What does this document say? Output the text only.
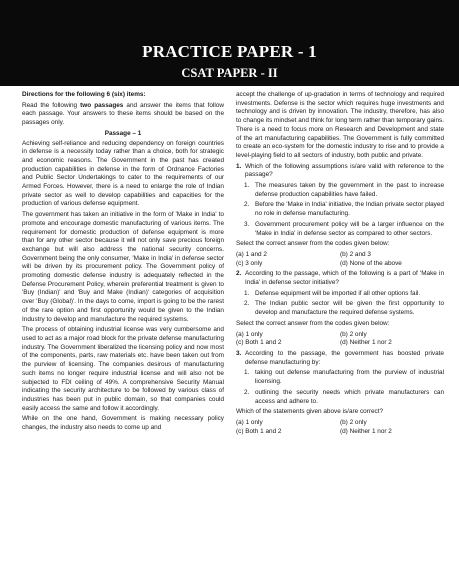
PRACTICE PAPER - 1
CSAT PAPER - II
Directions for the following 6 (six) items:

Read the following two passages and answer the items that follow each passage. Your answers to these items should be based on the passages only.

Passage – 1

Achieving self-reliance and reducing dependency on foreign countries in defense is a necessity today rather than a choice, both for strategic and economic reasons. The Government in the past has created production capabilities in defense in the form of Ordnance Factories and Public Sector Undertakings to cater to the requirements of our Armed Forces. However, there is a need to enlarge the role of Indian private sector as well to develop capabilities and capacities for the production of various defense equipment.

The government has taken an initiative in the form of 'Make in India' to promote and encourage domestic manufacturing of various items. The requirement for domestic production of defense equipment is more than for any other sector because it will not only save precious foreign exchange but will also address the national security concerns. Government being the only consumer, 'Make in India' in defense sector will be driven by its procurement policy. The Government policy of promoting domestic defense industry is adequately reflected in the Defense Procurement Policy, wherein preferential treatment is given to 'Buy (Indian)' and 'Buy and Make (Indian)' categories of acquisition over 'Buy (Global)'. In the days to come, import is going to be the rarest of the rare option and first opportunity would be given to the Indian Industry to develop and manufacture the required systems.

The process of obtaining industrial license was very cumbersome and used to act as a major road block for the private defense manufacturing industry. The Government liberalized the licensing policy and now most of the components, parts, raw materials etc. have been taken out from the purview of licensing. The companies desirous of manufacturing such items no longer require industrial license and will also not be subjected to FDI ceiling of 49%. A comprehensive Security Manual indicating the security architecture to be followed by various class of industries has been put in public domain, so that companies could easily access the same and follow it accordingly.

While on the one hand, Government is making necessary policy changes, the industry also needs to come up and

accept the challenge of up-gradation in terms of technology and required investments. Defense is the sector which requires huge investments and technology and is driven by innovation. The industry, therefore, has also to change its mindset and think for long term rather than temporary gains. There is a need to focus more on Research and Development and state of the art manufacturing capabilities. The Government is fully committed to create an eco-system for the domestic industry to rise and to provide a level-playing field to all sectors of industry, both public and private.

1. Which of the following assumptions is/are valid with reference to the passage?
1. The measures taken by the government in the past to increase defense production capabilities have failed.
2. Before the 'Make in India' initiative, the Indian private sector played no role in defense manufacturing.
3. Government procurement policy will be a larger influence on the 'Make in India' in defense sector as compared to other sectors.
Select the correct answer from the codes given below:
(a) 1 and 2	(b) 2 and 3
(c) 3 only	(d) None of the above
2. According to the passage, which of the following is a part of 'Make in India' in defense sector initiative?
1. Defense equipment will be imported if all other options fail.
2. The Indian public sector will be given the first opportunity to develop and manufacture the required defense systems.
Select the correct answer from the codes given below:
(a) 1 only	(b) 2 only
(c) Both 1 and 2	(d) Neither 1 nor 2
3. According to the passage, the government has boosted private defense manufacturing by:
1. taking out defense manufacturing from the purview of industrial licensing.
2. outlining the security needs which private manufacturers can access and adhere to.
Which of the statements given above is/are correct?
(a) 1 only	(b) 2 only
(c) Both 1 and 2	(d) Neither 1 nor 2
